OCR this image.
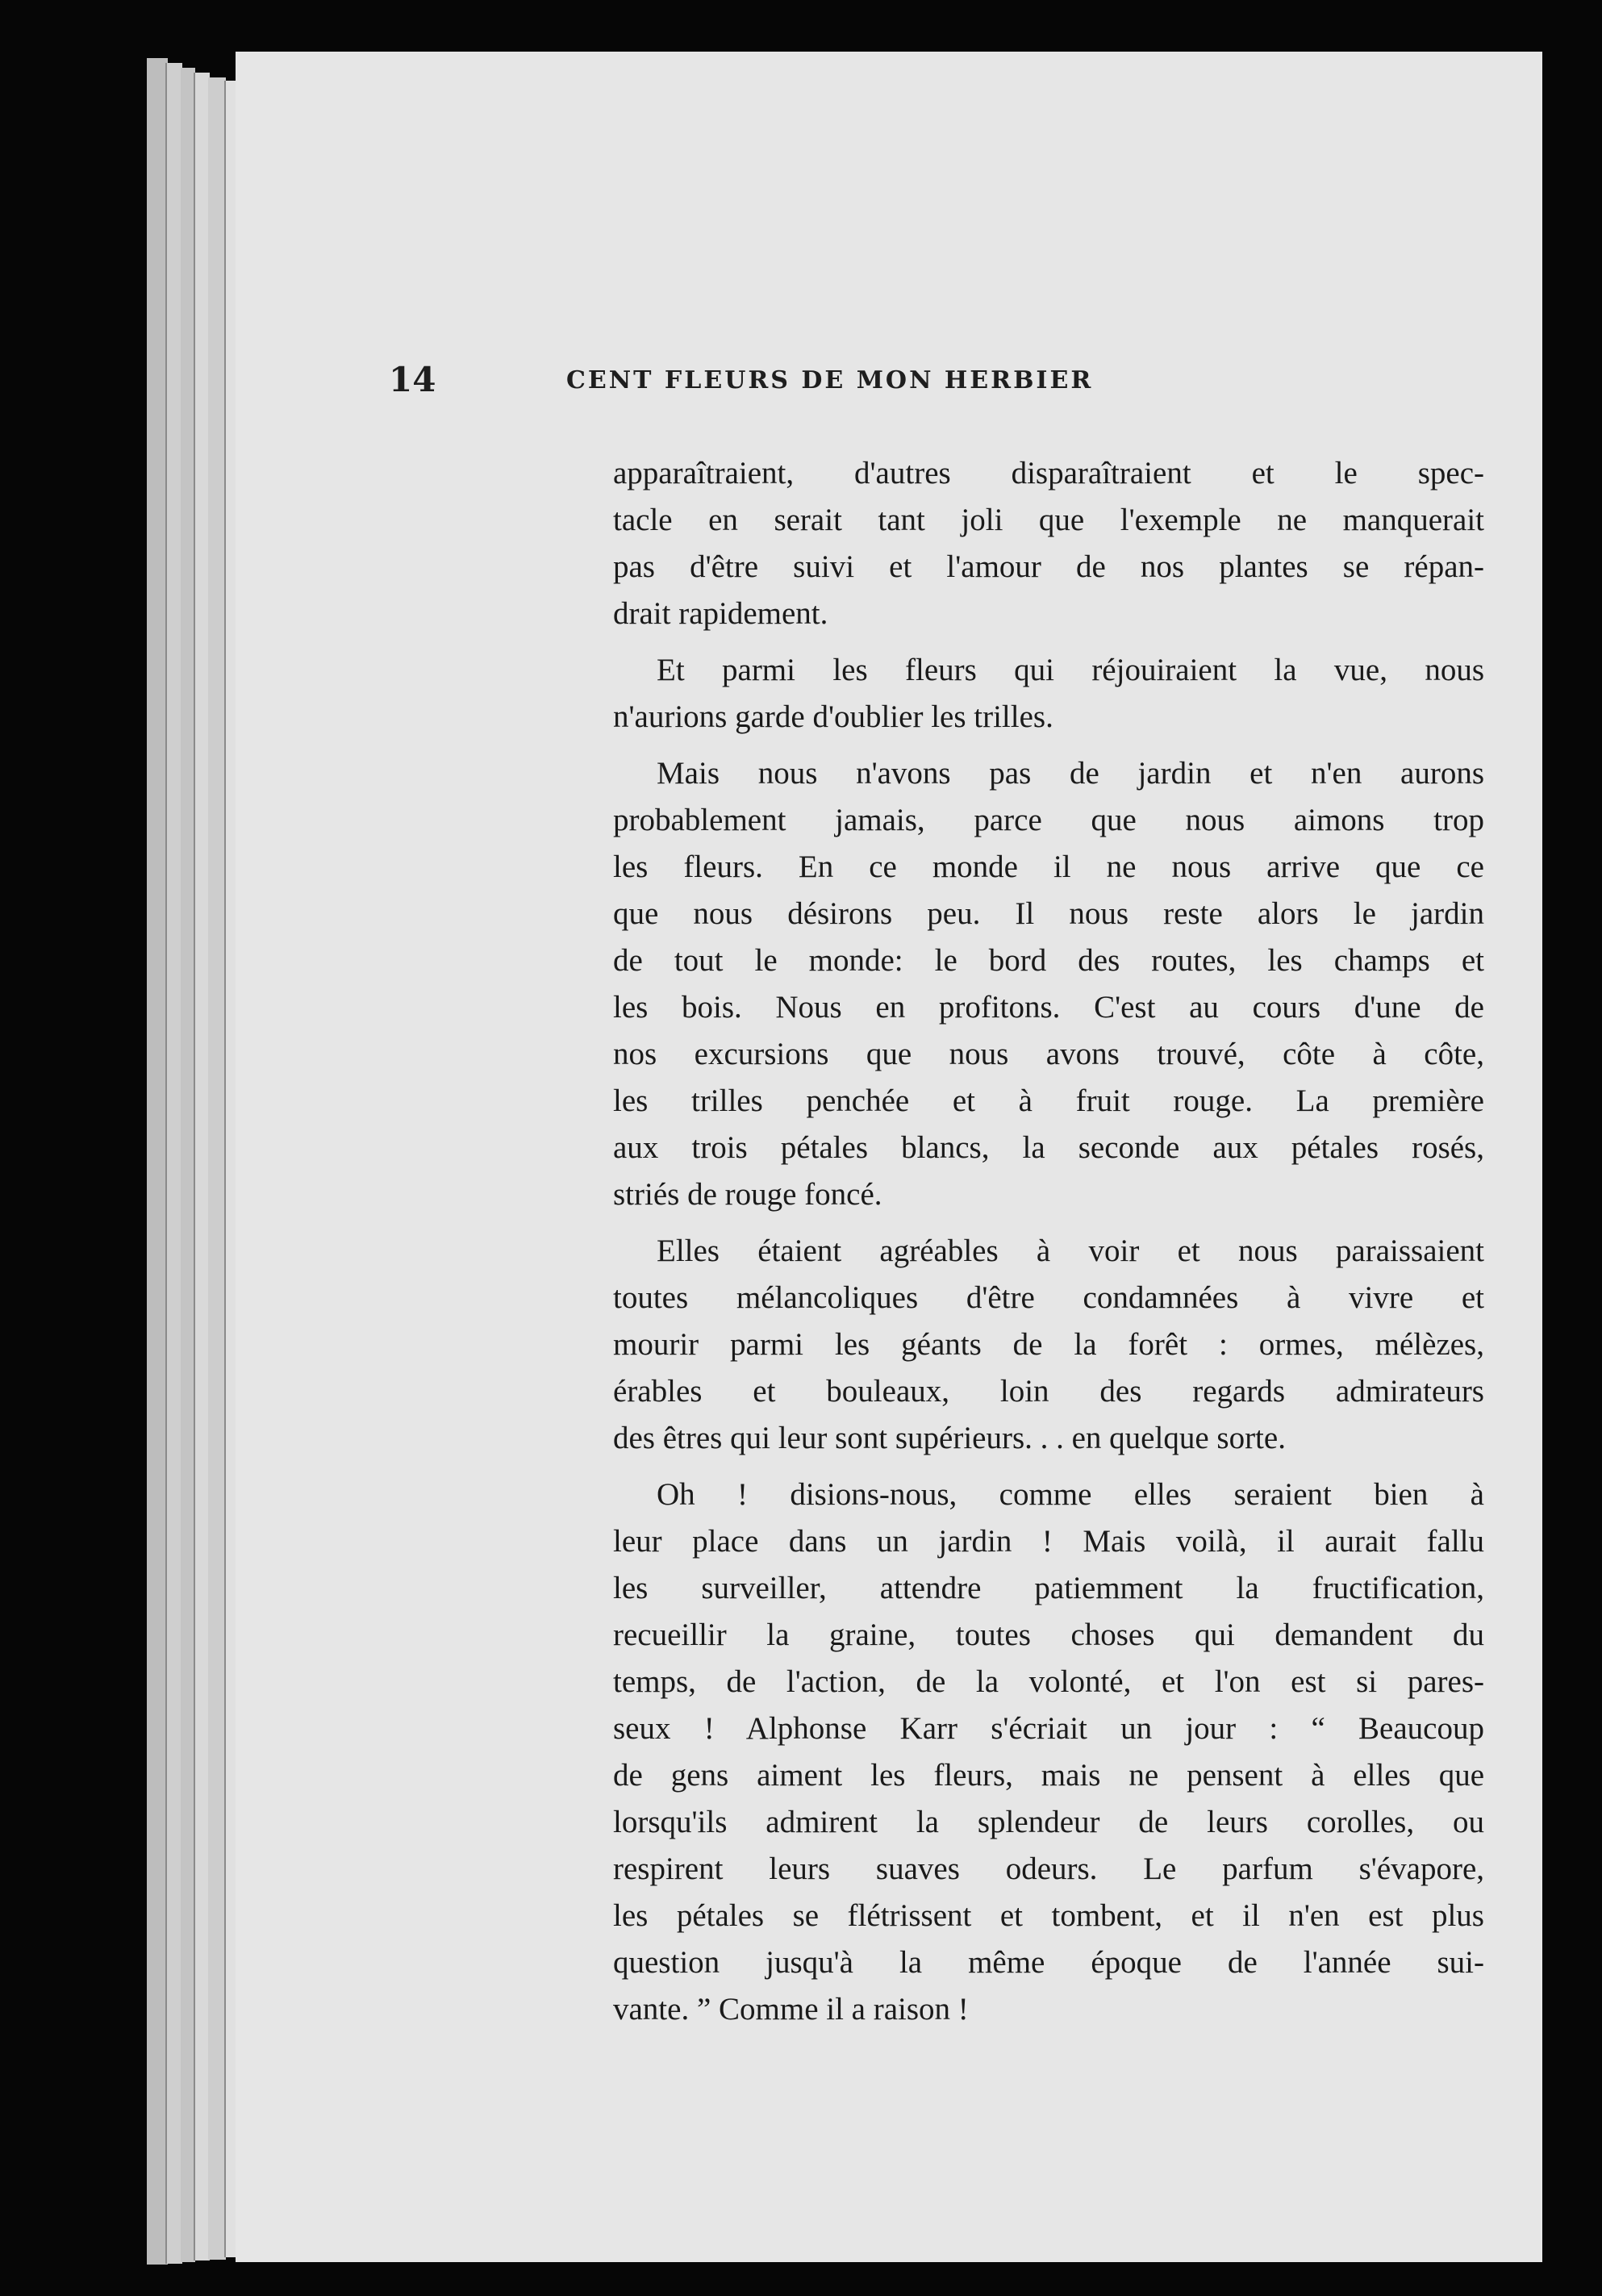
14	CENT FLEURS DE MON HERBIER
apparaîtraient, d'autres disparaîtraient et le spec-
tacle en serait tant joli que l'exemple ne manquerait
pas d'être suivi et l'amour de nos plantes se répan-
drait rapidement.
Et parmi les fleurs qui réjouiraient la vue, nous
n'aurions garde d'oublier les trilles.
Mais nous n'avons pas de jardin et n'en aurons
probablement jamais, parce que nous aimons trop
les fleurs. En ce monde il ne nous arrive que ce
que nous désirons peu. Il nous reste alors le jardin
de tout le monde: le bord des routes, les champs et
les bois. Nous en profitons. C'est au cours d'une de
nos excursions que nous avons trouvé, côte à côte,
les trilles penchée et à fruit rouge. La première
aux trois pétales blancs, la seconde aux pétales rosés,
striés de rouge foncé.
Elles étaient agréables à voir et nous paraissaient
toutes mélancoliques d'être condamnées à vivre et
mourir parmi les géants de la forêt : ormes, mélèzes,
érables et bouleaux, loin des regards admirateurs
des êtres qui leur sont supérieurs. . . en quelque sorte.
Oh ! disions-nous, comme elles seraient bien à
leur place dans un jardin ! Mais voilà, il aurait fallu
les surveiller, attendre patiemment la fructification,
recueillir la graine, toutes choses qui demandent du
temps, de l'action, de la volonté, et l'on est si pares-
seux ! Alphonse Karr s'écriait un jour : “ Beaucoup
de gens aiment les fleurs, mais ne pensent à elles que
lorsqu'ils admirent la splendeur de leurs corolles, ou
respirent leurs suaves odeurs. Le parfum s'évapore,
les pétales se flétrissent et tombent, et il n'en est plus
question jusqu'à la même époque de l'année sui-
vante. ” Comme il a raison !
